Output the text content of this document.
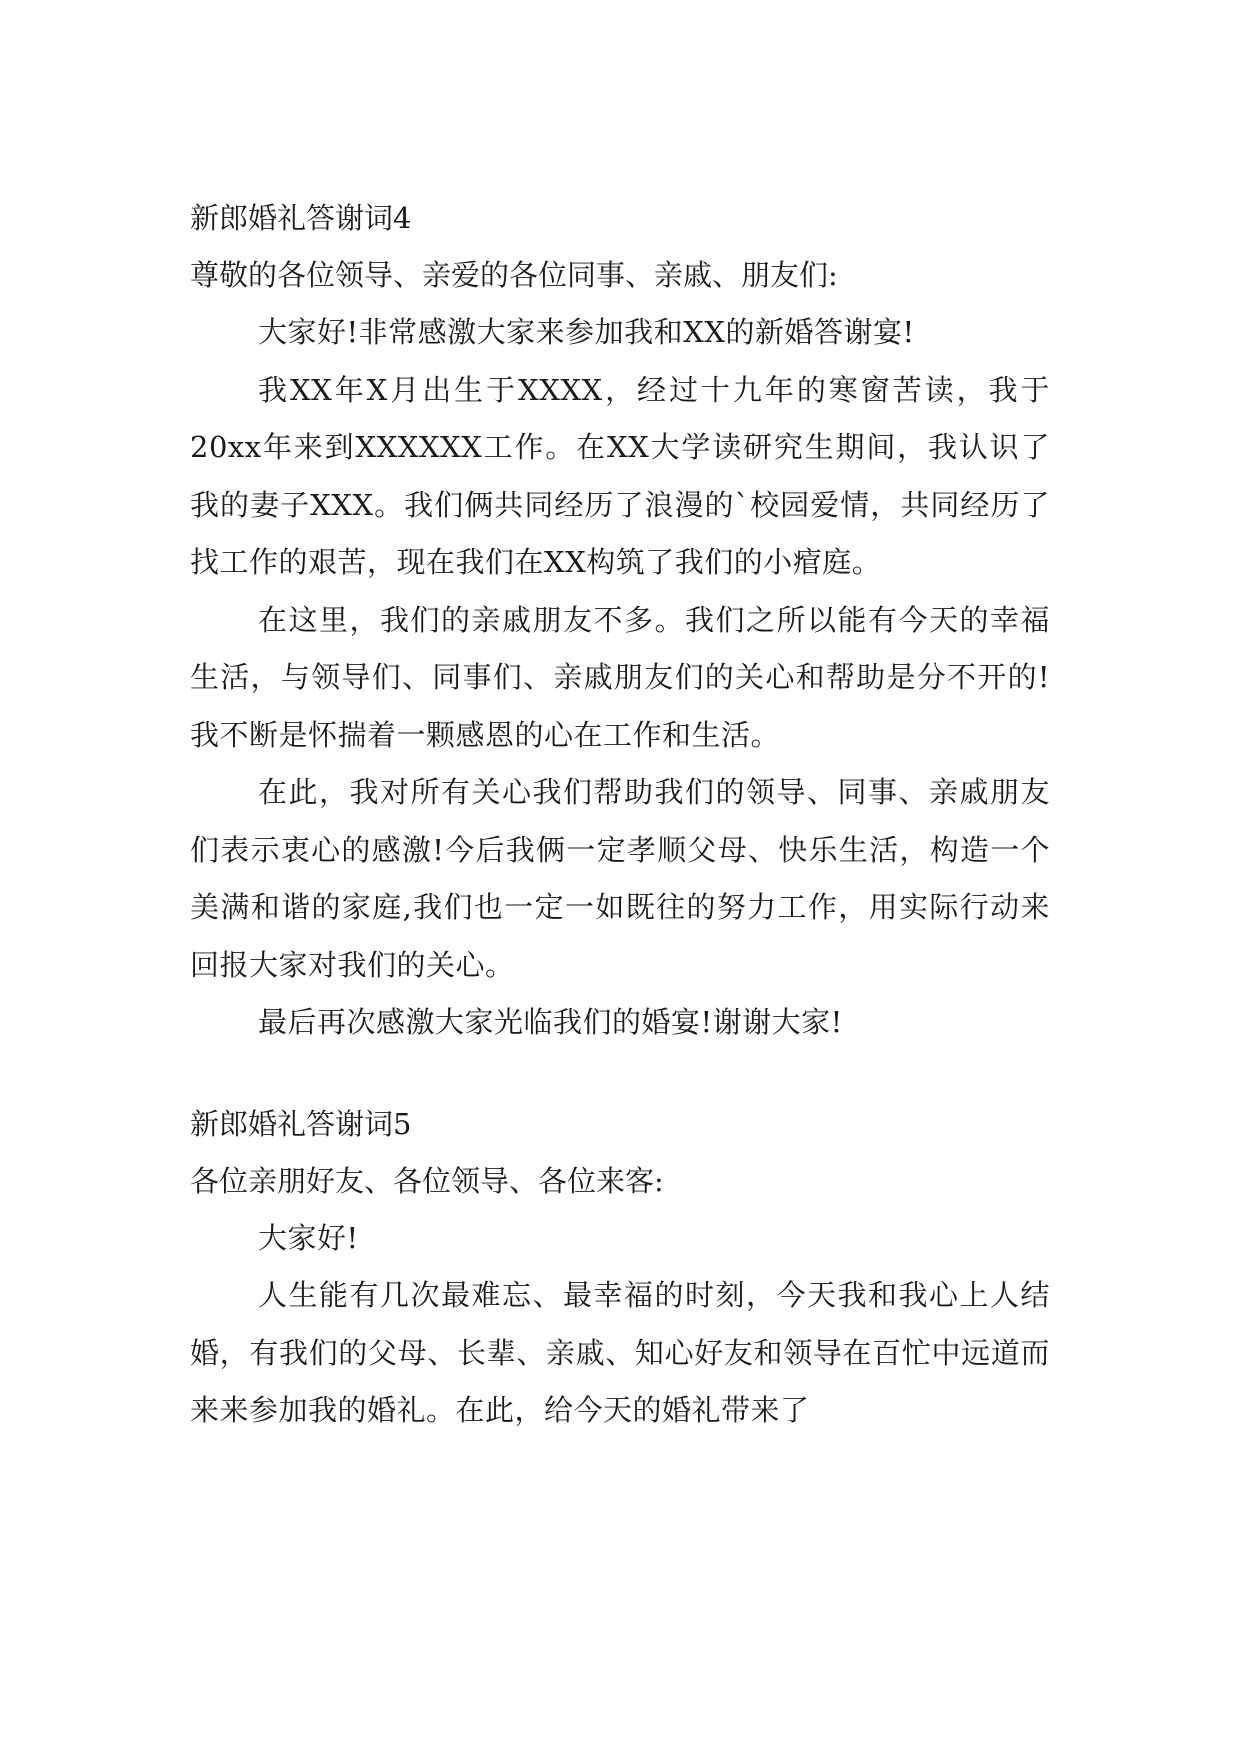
新郎婚礼答谢词4

尊敬的各位领导、亲爱的各位同事、亲戚、朋友们:

大家好!非常感激大家来参加我和XX的新婚答谢宴!

我XX年X月出生于XXXX，经过十九年的寒窗苦读，我于20xx年来到XXXXXX工作。在XX大学读研究生期间，我认识了我的妻子XXX。我们俩共同经历了浪漫的`校园爱情，共同经历了找工作的艰苦，现在我们在XX构筑了我们的小痯庭。

在这里，我们的亲戚朋友不多。我们之所以能有今天的幸福生活，与领导们、同事们、亲戚朋友们的关心和帮助是分不开的!我不断是怀揣着一颗感恩的心在工作和生活。

在此，我对所有关心我们帮助我们的领导、同事、亲戚朋友们表示衷心的感激!今后我俩一定孝顺父母、快乐生活，构造一个美满和谐的家庭,我们也一定一如既往的努力工作，用实际行动来回报大家对我们的关心。

最后再次感激大家光临我们的婚宴!谢谢大家!

新郎婚礼答谢词5

各位亲朋好友、各位领导、各位来客:

大家好!

人生能有几次最难忘、最幸福的时刻，今天我和我心上人结婚，有我们的父母、长辈、亲戚、知心好友和领导在百忙中远道而来来参加我的婚礼。在此，给今天的婚礼带来了
